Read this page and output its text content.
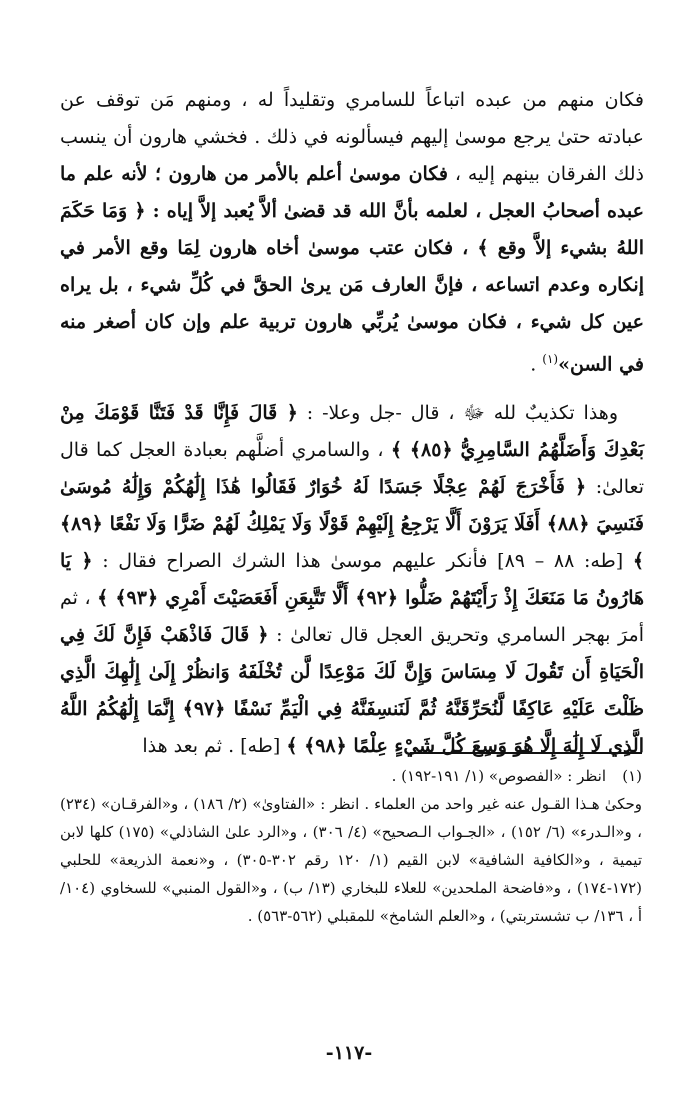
فكان منهم من عبده اتباعاً للسامري وتقليداً له ، ومنهم مَن توقف عن عبادته حتىٰ يرجع موسىٰ إليهم فيسألونه في ذلك . فخشي هارون أن ينسب ذلك الفرقان بينهم إليه ، فكان موسىٰ أعلم بالأمر من هارون ؛ لأنه علم ما عبده أصحابُ العجل ، لعلمه بأنَّ الله قد قضىٰ ألاَّ يُعبد إلاَّ إياه : ﴿ وَمَا حَكَمَ اللهُ بشيء إلاَّ وقع ﴾ ، فكان عتب موسىٰ أخاه هارون لِمَا وقع الأمر في إنكاره وعدم اتساعه ، فإنَّ العارف مَن يرىٰ الحقَّ في كُلِّ شيء ، بل يراه عين كل شيء ، فكان موسىٰ يُربِّي هارون تربية علم وإن كان أصغر منه في السن»$^{(١)}$ .

وهذا تكذيبٌ لله ﷻ ، قال -جل وعلا- : ﴿ قَالَ فَإِنَّا قَدْ فَتَنَّا قَوْمَكَ مِنْ بَعْدِكَ وَأَضَلَّهُمُ السَّامِرِيُّ ﴿٨٥﴾ ﴾ ، والسامري أضلَّهم بعبادة العجل كما قال تعالىٰ: ﴿ فَأَخْرَجَ لَهُمْ عِجْلًا جَسَدًا لَهُ خُوَارٌ فَقَالُوا هَٰذَا إِلَٰهُكُمْ وَإِلَٰهُ مُوسَىٰ فَنَسِيَ ﴿٨٨﴾ أَفَلَا يَرَوْنَ أَلَّا يَرْجِعُ إِلَيْهِمْ قَوْلًا وَلَا يَمْلِكُ لَهُمْ ضَرًّا وَلَا نَفْعًا ﴿٨٩﴾ ﴾ [طه: ٨٨ – ٨٩] فأنكر عليهم موسىٰ هذا الشرك الصراح فقال : ﴿ يَا هَارُونُ مَا مَنَعَكَ إِذْ رَأَيْتَهُمْ ضَلُّوا ﴿٩٢﴾ أَلَّا تَتَّبِعَنِ أَفَعَصَيْتَ أَمْرِي ﴿٩٣﴾ ﴾ ، ثم أمرَ بهجر السامري وتحريق العجل قال تعالىٰ : ﴿ قَالَ فَاذْهَبْ فَإِنَّ لَكَ فِي الْحَيَاةِ أَن تَقُولَ لَا مِسَاسَ وَإِنَّ لَكَ مَوْعِدًا لَّن تُخْلَفَهُ وَانظُرْ إِلَىٰ إِلَٰهِكَ الَّذِي ظَلْتَ عَلَيْهِ عَاكِفًا لَّنُحَرِّقَنَّهُ ثُمَّ لَنَنسِفَنَّهُ فِي الْيَمِّ نَسْفًا ﴿٩٧﴾ إِنَّمَا إِلَٰهُكُمُ اللَّهُ الَّذِي لَا إِلَٰهَ إِلَّا هُوَ وَسِعَ كُلَّ شَيْءٍ عِلْمًا ﴿٩٨﴾ ﴾ [طه] . ثم بعد هذا

(١)انظر : «الفصوص» (١/ ١٩١-١٩٢) .

وحكىٰ هـذا القـول عنه غير واحد من العلماء . انظر : «الفتاوىٰ» (٢/ ١٨٦) ، و«الفرقـان» (٢٣٤) ، و«الـدرء» (٦/ ١٥٢) ، «الجـواب الـصحيح» (٤/ ٣٠٦) ، و«الرد علىٰ الشاذلي» (١٧٥) كلها لابن تيمية ، و«الكافية الشافية» لابن القيم (١/ ١٢٠ رقم ٣٠٢-٣٠٥) ، و«نعمة الذريعة» للحلبي (١٧٢-١٧٤) ، و«فاضحة الملحدين» للعلاء للبخاري (١٣/ ب) ، و«القول المنبي» للسخاوي (١٠٤/ أ ، ١٣٦/ ب تشستربتي) ، و«العلم الشامخ» للمقبلي (٥٦٢-٥٦٣) .

-١١٧-
